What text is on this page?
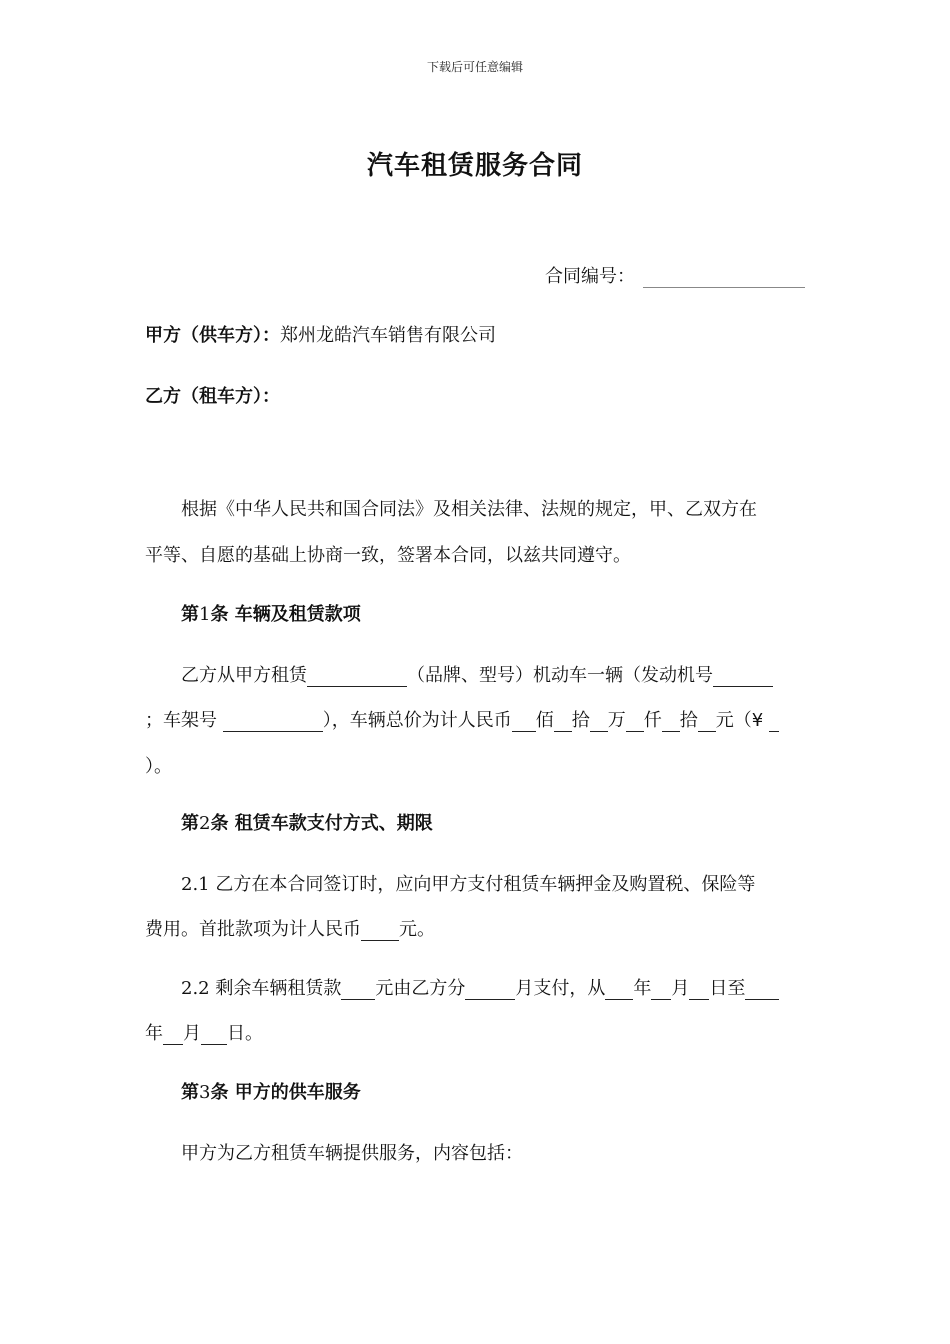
下载后可任意编辑
汽车租赁服务合同
合同编号：
甲方（供车方）：郑州龙皓汽车销售有限公司
乙方（租车方）：
根据《中华人民共和国合同法》及相关法律、法规的规定，甲、乙双方在
平等、自愿的基础上协商一致，签署本合同，以兹共同遵守。
第1条 车辆及租赁款项
乙方从甲方租赁	（品牌、型号）机动车一辆（发动机号
；车架号	），车辆总价为计人民币 佰 拾 万 仟 拾 元（¥
）。
第2条 租赁车款支付方式、期限
2.1 乙方在本合同签订时，应向甲方支付租赁车辆押金及购置税、保险等
费用。首批款项为计人民币 元。
2.2 剩余车辆租赁款 元由乙方分	月支付，从 年 月 日至
年 月 日。
第3条 甲方的供车服务
甲方为乙方租赁车辆提供服务，内容包括：
